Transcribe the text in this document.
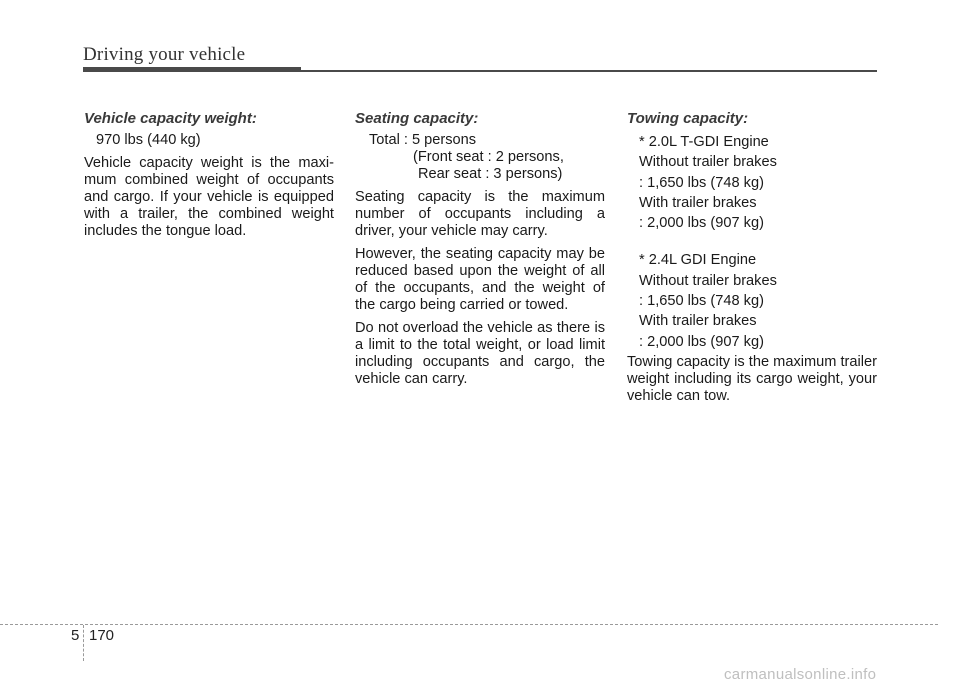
Driving your vehicle
Vehicle capacity weight:
970 lbs (440 kg)
Vehicle capacity weight is the maxi-mum combined weight of occupants and cargo. If your vehicle is equipped with a trailer, the combined weight includes the tongue load.
Seating capacity:
Total : 5 persons
(Front seat : 2 persons,
Rear seat : 3 persons)
Seating capacity is the maximum number of occupants including a driver, your vehicle may carry.
However, the seating capacity may be reduced based upon the weight of all of the occupants, and the weight of the cargo being carried or towed.
Do not overload the vehicle as there is a limit to the total weight, or load limit including occupants and cargo, the vehicle can carry.
Towing capacity:
* 2.0L T-GDI Engine
Without trailer brakes
: 1,650 lbs (748 kg)
With trailer brakes
: 2,000 lbs (907 kg)
* 2.4L GDI Engine
Without trailer brakes
: 1,650 lbs (748 kg)
With trailer brakes
: 2,000 lbs (907 kg)
Towing capacity is the maximum trailer weight including its cargo weight, your vehicle can tow.
5 170
carmanualsonline.info
